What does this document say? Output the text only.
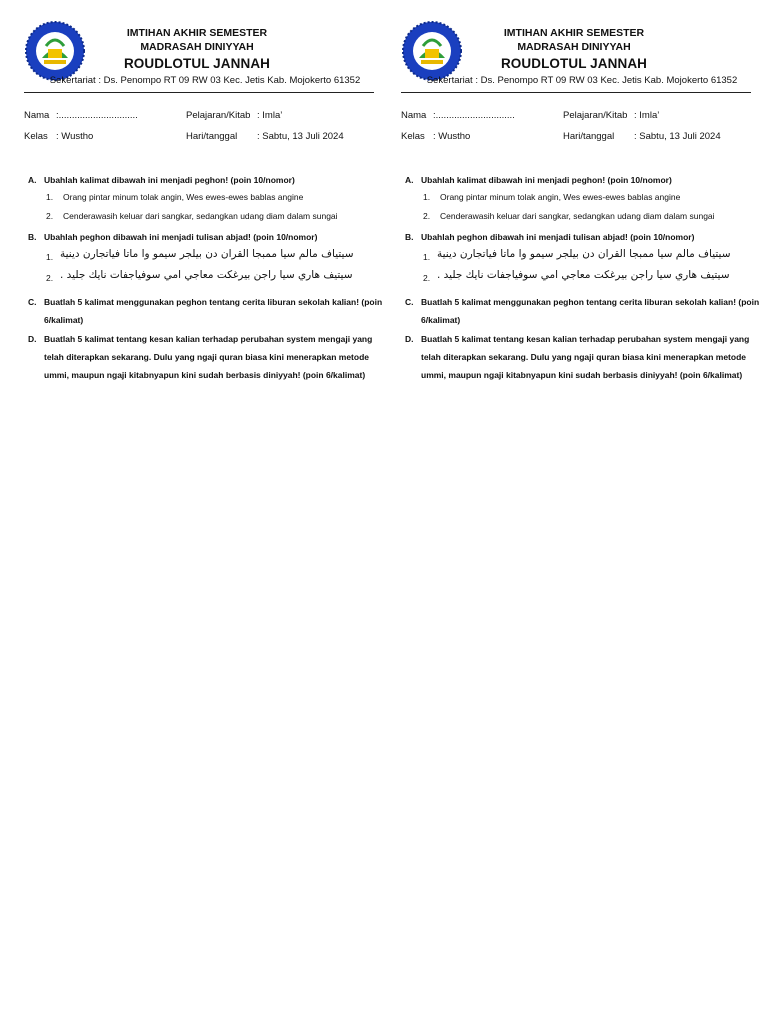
IMTIHAN AKHIR SEMESTER
MADRASAH DINIYYAH
ROUDLOTUL JANNAH
Sekertariat : Ds. Penompo RT 09 RW 03 Kec. Jetis Kab. Mojokerto 61352
Nama :..............................	Pelajaran/Kitab : Imla’
Kelas : Wustho	Hari/tanggal : Sabtu, 13 Juli 2024
A. Ubahlah kalimat dibawah ini menjadi peghon! (poin 10/nomor)
1. Orang pintar minum tolak angin, Wes ewes-ewes bablas angine
2. Cenderawasih keluar dari sangkar, sedangkan udang diam dalam sungai
B. Ubahlah peghon dibawah ini menjadi tulisan abjad! (poin 10/nomor)
1. سيتياف مالم سيا ممبجا القران دن بيلجر سيمو وا ماتا فياتجارن دينية
2. سيتيف هاري سيا راجن بيرغكت معاجي امي سوفياجفات نايك جليد .
C. Buatlah 5 kalimat menggunakan peghon tentang cerita liburan sekolah kalian! (poin 6/kalimat)
D. Buatlah 5 kalimat tentang kesan kalian terhadap perubahan system mengaji yang telah diterapkan sekarang. Dulu yang ngaji quran biasa kini menerapkan metode ummi, maupun ngaji kitabnyapun kini sudah berbasis diniyyah! (poin 6/kalimat)
IMTIHAN AKHIR SEMESTER
MADRASAH DINIYYAH
ROUDLOTUL JANNAH
Sekertariat : Ds. Penompo RT 09 RW 03 Kec. Jetis Kab. Mojokerto 61352
Nama :..............................	Pelajaran/Kitab : Imla’
Kelas : Wustho	Hari/tanggal : Sabtu, 13 Juli 2024
A. Ubahlah kalimat dibawah ini menjadi peghon! (poin 10/nomor)
1. Orang pintar minum tolak angin, Wes ewes-ewes bablas angine
2. Cenderawasih keluar dari sangkar, sedangkan udang diam dalam sungai
B. Ubahlah peghon dibawah ini menjadi tulisan abjad! (poin 10/nomor)
1. سيتياف مالم سيا ممبجا القران دن بيلجر سيمو وا ماتا فياتجارن دينية
2. سيتيف هاري سيا راجن بيرغكت معاجي امي سوفياجفات نايك جليد .
C. Buatlah 5 kalimat menggunakan peghon tentang cerita liburan sekolah kalian! (poin 6/kalimat)
D. Buatlah 5 kalimat tentang kesan kalian terhadap perubahan system mengaji yang telah diterapkan sekarang. Dulu yang ngaji quran biasa kini menerapkan metode ummi, maupun ngaji kitabnyapun kini sudah berbasis diniyyah! (poin 6/kalimat)
